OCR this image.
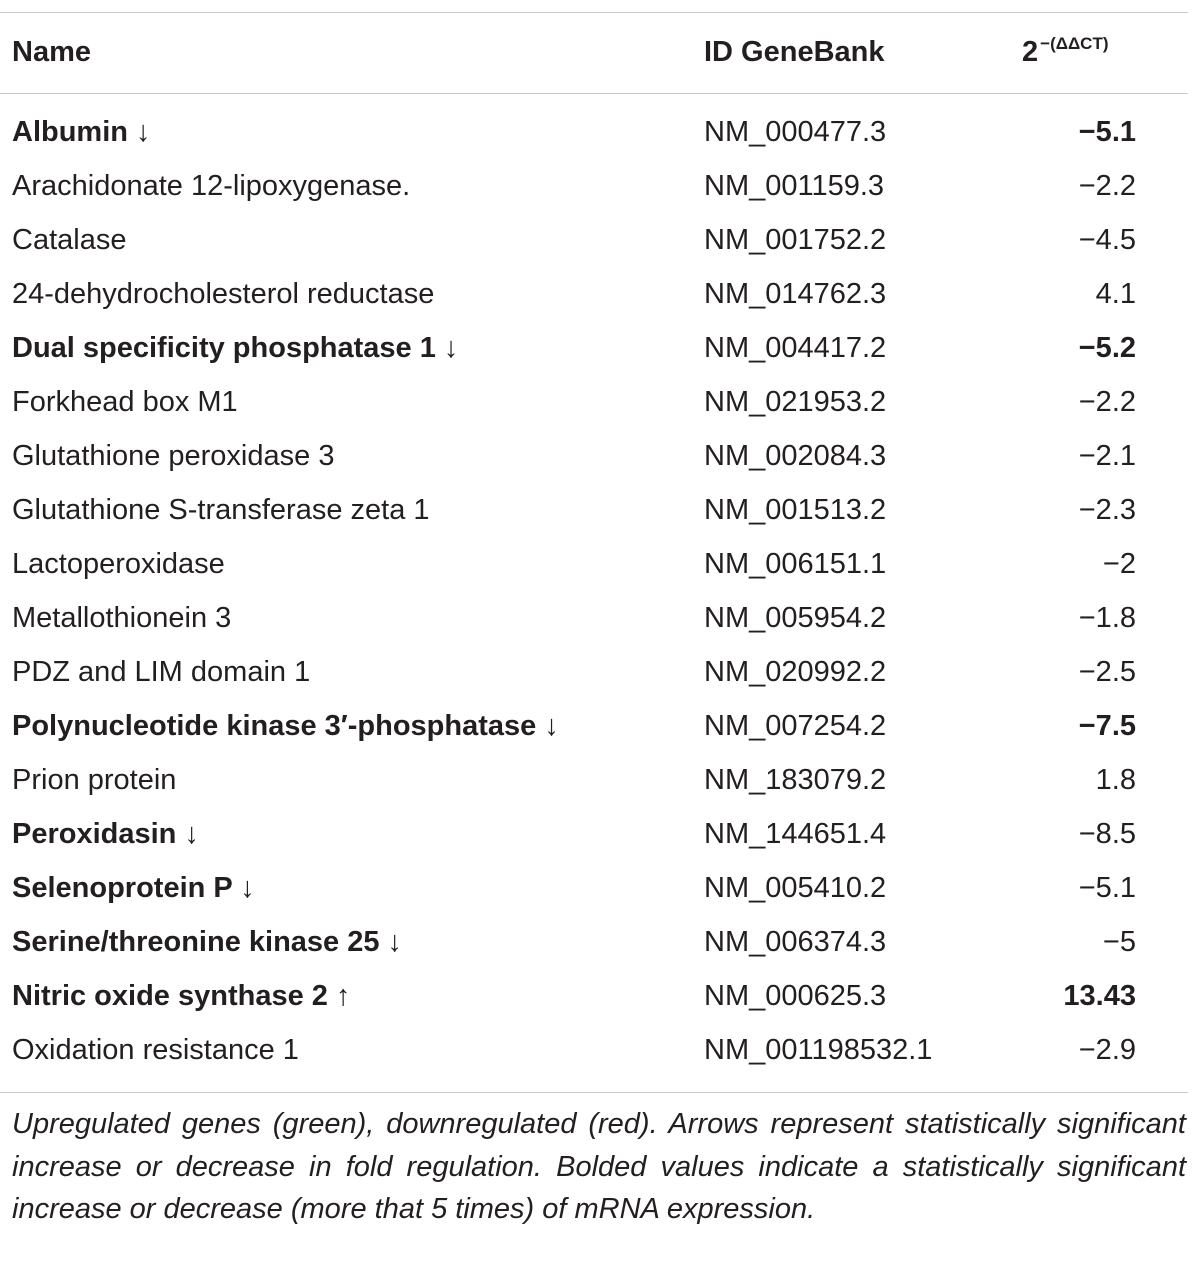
Name	ID GeneBank	2 $^{-(\Delta\Delta CT)}$
Albumin ↓	NM_000477.3	−5.1
Arachidonate 12-lipoxygenase.	NM_001159.3	−2.2
Catalase	NM_001752.2	−4.5
24-dehydrocholesterol reductase	NM_014762.3	4.1
Dual specificity phosphatase 1 ↓	NM_004417.2	−5.2
Forkhead box M1	NM_021953.2	−2.2
Glutathione peroxidase 3	NM_002084.3	−2.1
Glutathione S-transferase zeta 1	NM_001513.2	−2.3
Lactoperoxidase	NM_006151.1	−2
Metallothionein 3	NM_005954.2	−1.8
PDZ and LIM domain 1	NM_020992.2	−2.5
Polynucleotide kinase 3′-phosphatase ↓	NM_007254.2	−7.5
Prion protein	NM_183079.2	1.8
Peroxidasin ↓	NM_144651.4	−8.5
Selenoprotein P ↓	NM_005410.2	−5.1
Serine/threonine kinase 25 ↓	NM_006374.3	−5
Nitric oxide synthase 2 ↑	NM_000625.3	13.43
Oxidation resistance 1	NM_001198532.1	−2.9
Upregulated genes (green), downregulated (red). Arrows represent statistically significant increase or decrease in fold regulation. Bolded values indicate a statistically significant increase or decrease (more that 5 times) of mRNA expression.
